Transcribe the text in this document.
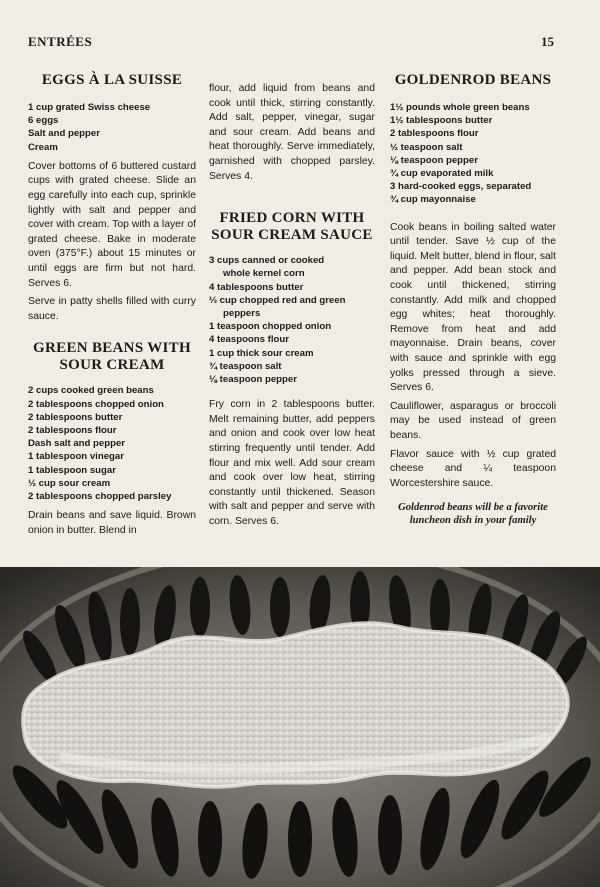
ENTRÉES	15
EGGS À LA SUISSE
1 cup grated Swiss cheese
6 eggs
Salt and pepper
Cream

Cover bottoms of 6 buttered custard cups with grated cheese. Slide an egg carefully into each cup, sprinkle lightly with salt and pepper and cover with cream. Top with a layer of grated cheese. Bake in moderate oven (375°F.) about 15 minutes or until eggs are firm but not hard. Serves 6.

Serve in patty shells filled with curry sauce.

GREEN BEANS WITH SOUR CREAM
2 cups cooked green beans
2 tablespoons chopped onion
2 tablespoons butter
2 tablespoons flour
Dash salt and pepper
1 tablespoon vinegar
1 tablespoon sugar
½ cup sour cream
2 tablespoons chopped parsley

Drain beans and save liquid. Brown onion in butter. Blend in

flour, add liquid from beans and cook until thick, stirring constantly. Add salt, pepper, vinegar, sugar and sour cream. Add beans and heat thoroughly. Serve immediately, garnished with chopped parsley. Serves 4.

FRIED CORN WITH SOUR CREAM SAUCE
3 cups canned or cooked
whole kernel corn
4 tablespoons butter
⅓ cup chopped red and green
peppers
1 teaspoon chopped onion
4 teaspoons flour
1 cup thick sour cream
¾ teaspoon salt
⅛ teaspoon pepper

Fry corn in 2 tablespoons butter. Melt remaining butter, add peppers and onion and cook over low heat stirring frequently until tender. Add flour and mix well. Add sour cream and cook over low heat, stirring constantly until thickened. Season with salt and pepper and serve with corn. Serves 6.

GOLDENROD BEANS
1½ pounds whole green beans
1½ tablespoons butter
2 tablespoons flour
½ teaspoon salt
⅛ teaspoon pepper
¾ cup evaporated milk
3 hard-cooked eggs, separated
¾ cup mayonnaise

Cook beans in boiling salted water until tender. Save ½ cup of the liquid. Melt butter, blend in flour, salt and pepper. Add bean stock and cook until thickened, stirring constantly. Add milk and chopped egg whites; heat thoroughly. Remove from heat and add mayonnaise. Drain beans, cover with sauce and sprinkle with egg yolks pressed through a sieve. Serves 6.

Cauliflower, asparagus or broccoli may be used instead of green beans.

Flavor sauce with ½ cup grated cheese and ¼ teaspoon Worcestershire sauce.

Goldenrod beans will be a favorite luncheon dish in your family
